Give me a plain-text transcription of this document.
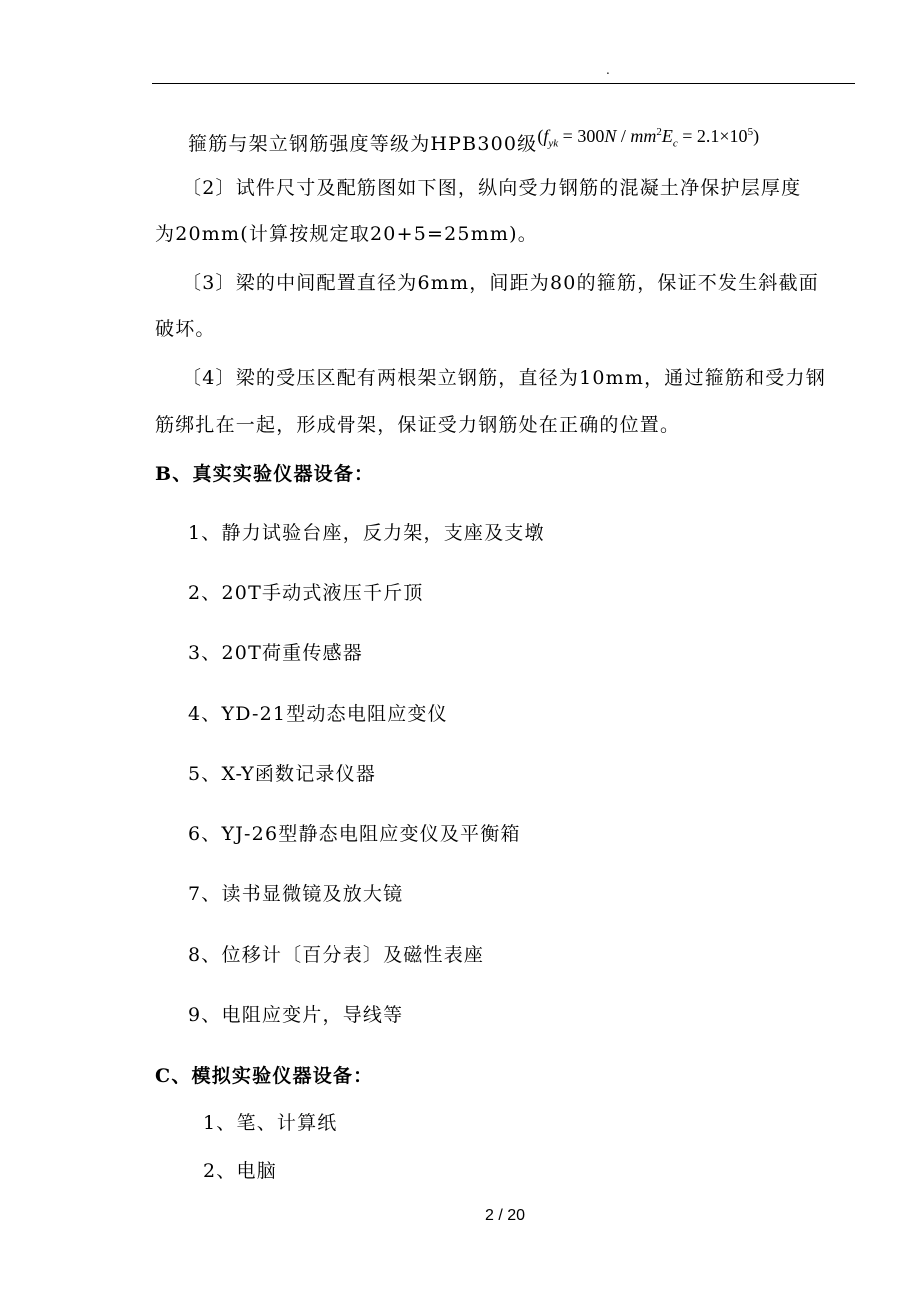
.
箍筋与架立钢筋强度等级为HPB300级$(f_{yk} = 300N / mm^2E_c = 2.1\times 10^5)$
〔2〕试件尺寸及配筋图如下图，纵向受力钢筋的混凝土净保护层厚度
为20mm(计算按规定取20+5=25mm)。
〔3〕梁的中间配置直径为6mm，间距为80的箍筋，保证不发生斜截面
破坏。
〔4〕梁的受压区配有两根架立钢筋，直径为10mm，通过箍筋和受力钢
筋绑扎在一起，形成骨架，保证受力钢筋处在正确的位置。
B、真实实验仪器设备：
1、静力试验台座，反力架，支座及支墩
2、20T手动式液压千斤顶
3、20T荷重传感器
4、YD-21型动态电阻应变仪
5、X-Y函数记录仪器
6、YJ-26型静态电阻应变仪及平衡箱
7、读书显微镜及放大镜
8、位移计〔百分表〕及磁性表座
9、电阻应变片，导线等
C、模拟实验仪器设备：
1、笔、计算纸
2、电脑
2 / 20
